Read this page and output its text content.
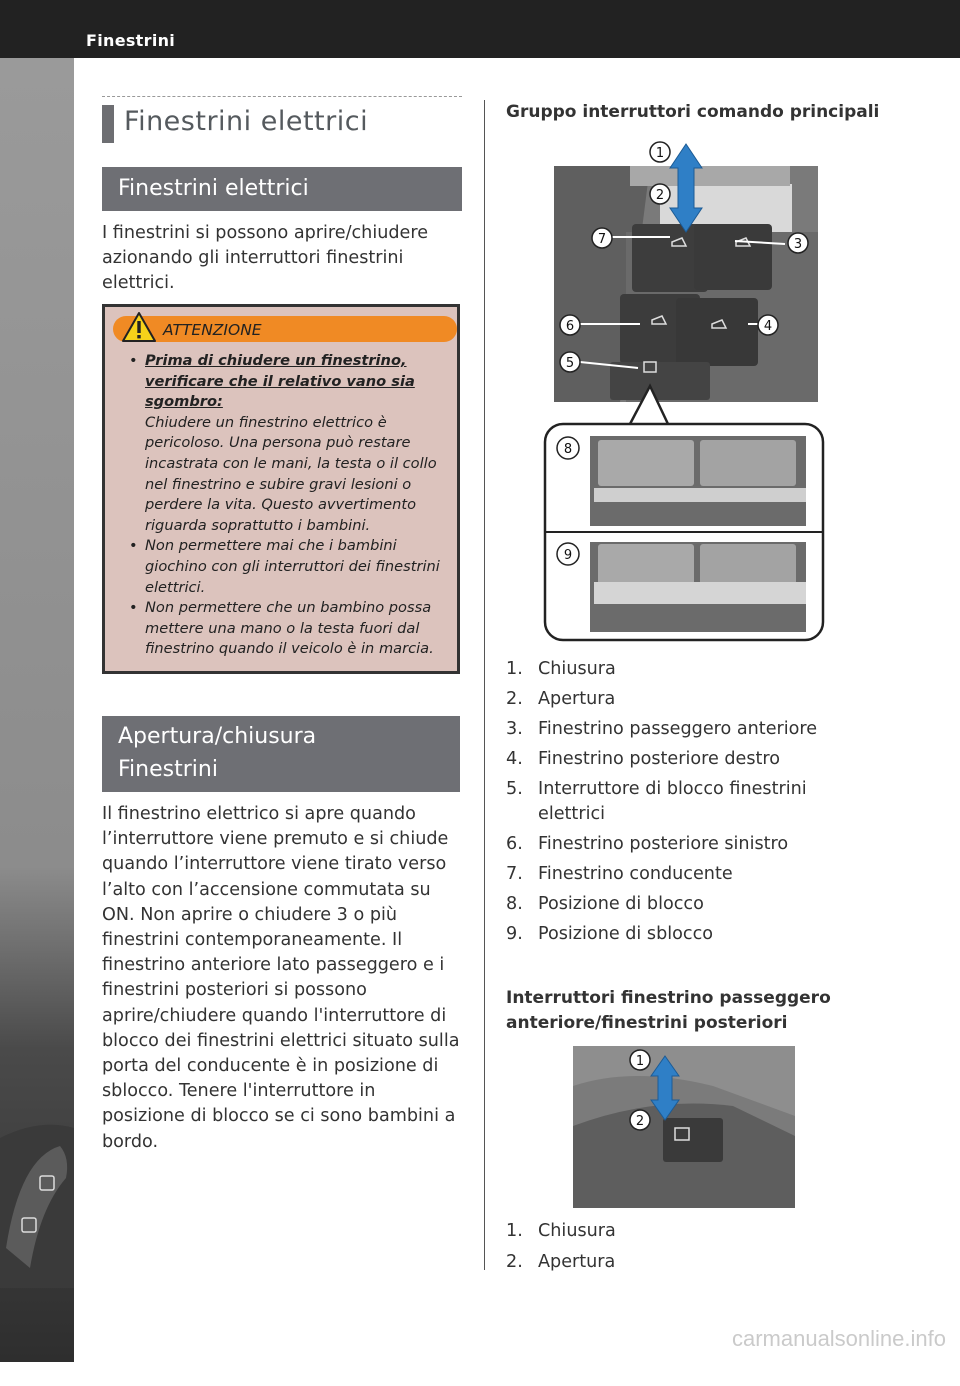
Finestrini
3-14
Finestrini elettrici
Finestrini elettrici

I finestrini si possono aprire/chiudere azionando gli interruttori finestrini elettrici.

ATTENZIONE
• Prima di chiudere un finestrino, verificare che il relativo vano sia sgombro:
Chiudere un finestrino elettrico è pericoloso. Una persona può restare incastrata con le mani, la testa o il collo nel finestrino e subire gravi lesioni o perdere la vita. Questo avvertimento riguarda soprattutto i bambini.
• Non permettere mai che i bambini giochino con gli interruttori dei finestrini elettrici.
• Non permettere che un bambino possa mettere una mano o la testa fuori dal finestrino quando il veicolo è in marcia.
Apertura/chiusura
Finestrini

Il finestrino elettrico si apre quando l’interruttore viene premuto e si chiude quando l’interruttore viene tirato verso l’alto con l’accensione commutata su ON. Non aprire o chiudere 3 o più finestrini contemporaneamente. Il finestrino anteriore lato passeggero e i finestrini posteriori si possono aprire/chiudere quando l'interruttore di blocco dei finestrini elettrici situato sulla porta del conducente è in posizione di sblocco. Tenere l'interruttore in posizione di blocco se ci sono bambini a bordo.

Gruppo interruttori comando principali

1
2
3
4
5
6
7
8
9
1. Chiusura
2. Apertura
3. Finestrino passeggero anteriore
4. Finestrino posteriore destro
5. Interruttore di blocco finestrini elettrici
6. Finestrino posteriore sinistro
7. Finestrino conducente
8. Posizione di blocco
9. Posizione di sblocco

Interruttori finestrino passeggero

anteriore/finestrini posteriori

1
2
1. Chiusura
2. Apertura
carmanualsonline.info
